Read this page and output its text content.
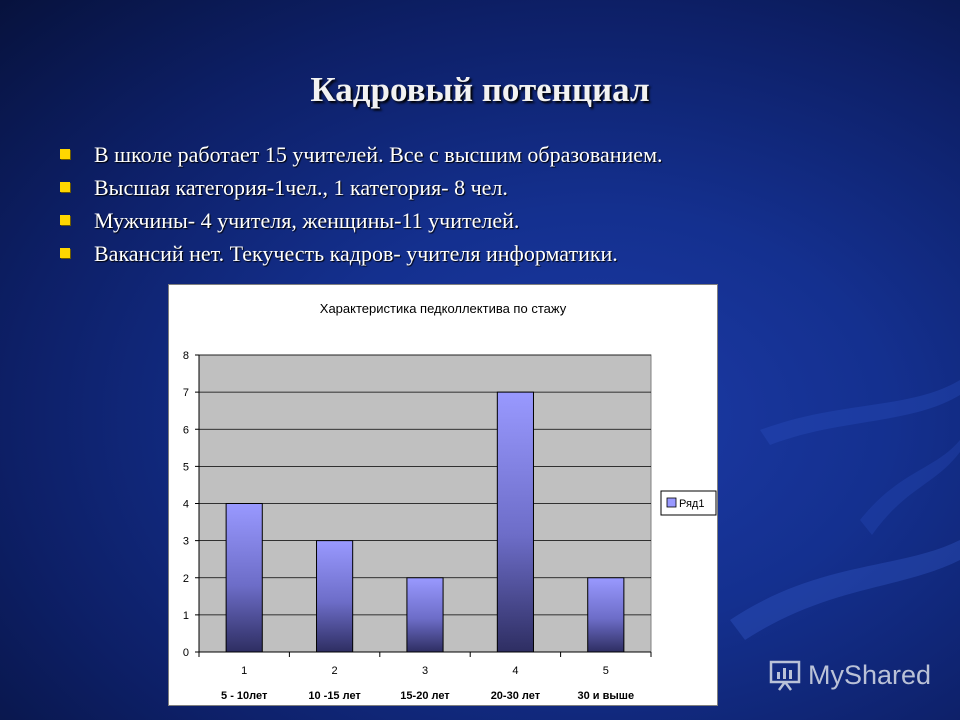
Кадровый потенциал
В школе работает 15 учителей. Все с высшим образованием.
Высшая категория-1чел., 1 категория- 8 чел.
Мужчины- 4 учителя, женщины-11 учителей.
Вакансий нет. Текучесть кадров- учителя информатики.
Характеристика педколлектива по стажу
0
1
2
3
4
5
6
7
8
1
5 - 10лет
2
10 -15 лет
3
15-20 лет
4
20-30 лет
5
30 и выше
Ряд1
MyShared
